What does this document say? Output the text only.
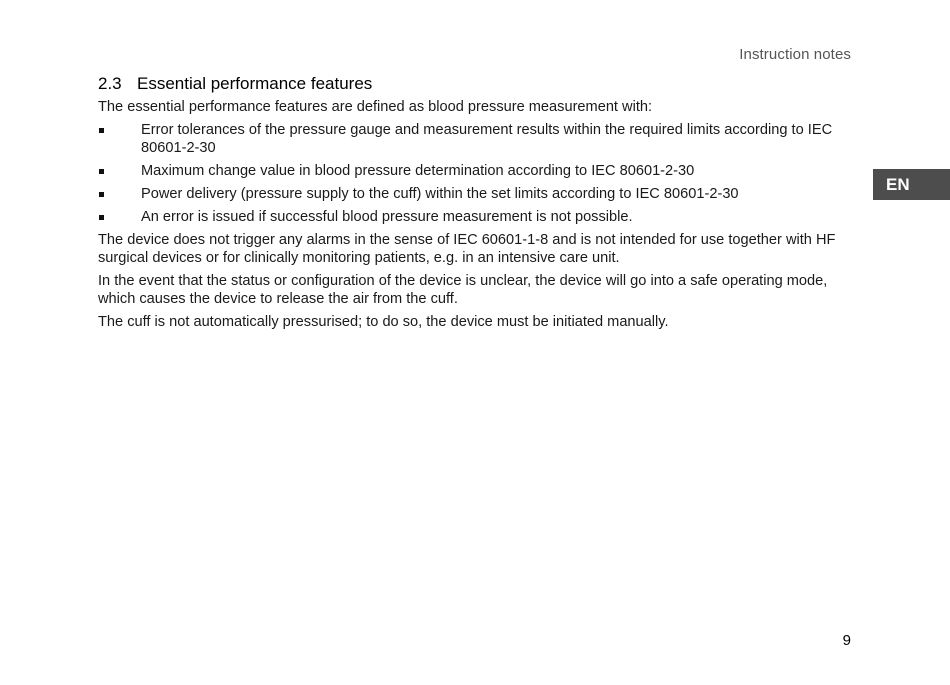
Instruction notes
EN
2.3 Essential performance features

The essential performance features are defined as blood pressure measurement with:

Error tolerances of the pressure gauge and measurement results within the required limits according to IEC 80601-2-30
Maximum change value in blood pressure determination according to IEC 80601-2-30
Power delivery (pressure supply to the cuff) within the set limits according to IEC 80601-2-30
An error is issued if successful blood pressure measurement is not possible.

The device does not trigger any alarms in the sense of IEC 60601-1-8 and is not intended for use together with HF surgical devices or for clinically monitoring patients, e.g. in an intensive care unit.

In the event that the status or configuration of the device is unclear, the device will go into a safe operating mode, which causes the device to release the air from the cuff.

The cuff is not automatically pressurised; to do so, the device must be initiated manually.

9
